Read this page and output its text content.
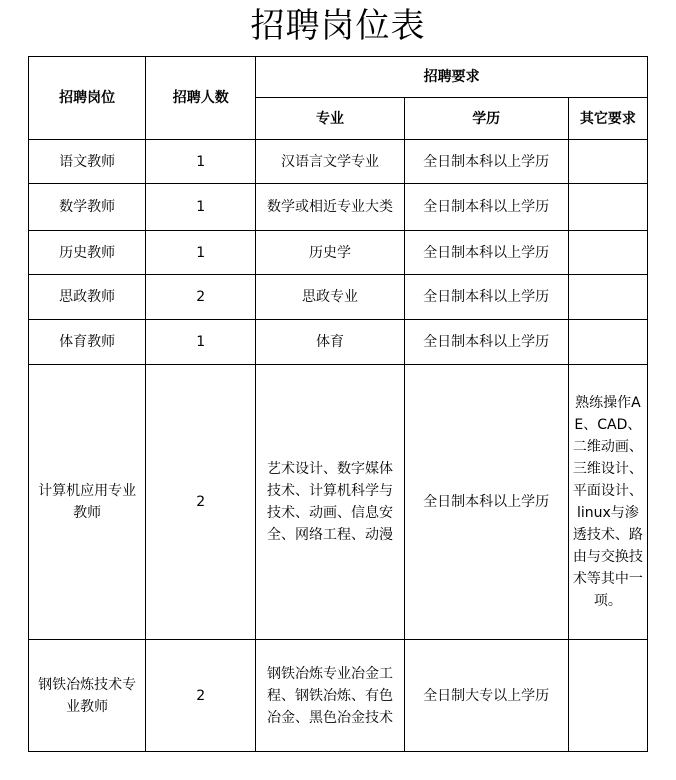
招聘岗位表
招聘岗位	招聘人数	招聘要求		
		专业	学历	其它要求
语文教师	1	汉语言文学专业	全日制本科以上学历	
数学教师	1	数学或相近专业大类	全日制本科以上学历	
历史教师	1	历史学	全日制本科以上学历	
思政教师	2	思政专业	全日制本科以上学历	
体育教师	1	体育	全日制本科以上学历	
计算机应用专业教师	2	艺术设计、数字媒体技术、计算机科学与技术、动画、信息安全、网络工程、动漫	全日制本科以上学历	熟练操作AE、CAD、二维动画、三维设计、平面设计、linux与渗透技术、路由与交换技术等其中一项。
钢铁冶炼技术专业教师	2	钢铁冶炼专业冶金工程、钢铁冶炼、有色冶金、黑色冶金技术	全日制大专以上学历	
